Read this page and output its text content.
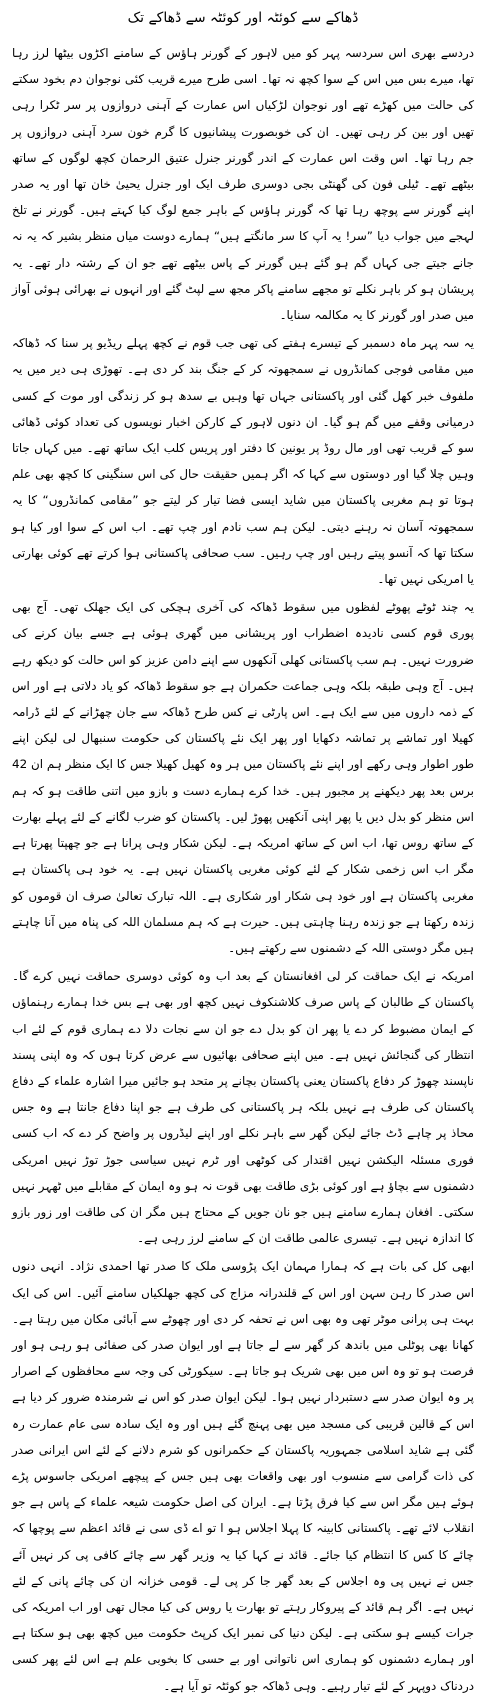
ڈھاکے سے کوئٹہ اور کوئٹہ سے ڈھاکے تک

دردسے بھری اس سردسہ پہر کو میں لاہور کے گورنر ہاؤس کے سامنے اکڑوں بیٹھا لرز رہا تھا، میرے بس میں اس کے سوا کچھ نہ تھا۔ اسی طرح میرے قریب کئی نوجوان دم بخود سکتے کی حالت میں کھڑے تھے اور نوجوان لڑکیاں اس عمارت کے آہنی دروازوں پر سر ٹکرا رہی تھیں اور بین کر رہی تھیں۔ ان کی خوبصورت پیشانیوں کا گرم خون سرد آہنی دروازوں پر جم رہا تھا۔ اس وقت اس عمارت کے اندر گورنر جنرل عتیق الرحمان کچھ لوگوں کے ساتھ بیٹھے تھے۔ ٹیلی فون کی گھنٹی بجی دوسری طرف ایک اور جنرل یحییٰ خان تھا اور یہ صدر اپنے گورنر سے پوچھ رہا تھا کہ گورنر ہاؤس کے باہر جمع لوگ کیا کہتے ہیں۔ گورنر نے تلخ لہجے میں جواب دیا ”سر! یہ آپ کا سر مانگتے ہیں“ ہمارے دوست میاں منظر بشیر کہ یہ نہ جانے جیتے جی کہاں گم ہو گئے ہیں گورنر کے پاس بیٹھے تھے جو ان کے رشتہ دار تھے۔ یہ پریشان ہو کر باہر نکلے تو مجھے سامنے پاکر مجھ سے لپٹ گئے اور انہوں نے بھرائی ہوئی آواز میں صدر اور گورنر کا یہ مکالمہ سنایا۔

یہ سہ پہر ماہ دسمبر کے تیسرے ہفتے کی تھی جب قوم نے کچھ پہلے ریڈیو پر سنا کہ ڈھاکہ میں مقامی فوجی کمانڈروں نے سمجھوتہ کر کے جنگ بند کر دی ہے۔ تھوڑی ہی دیر میں یہ ملفوف خبر کھل گئی اور پاکستانی جہاں تھا وہیں بے سدھ ہو کر زندگی اور موت کے کسی درمیانی وقفے میں گم ہو گیا۔ ان دنوں لاہور کے کارکن اخبار نویسوں کی تعداد کوئی ڈھائی سو کے قریب تھی اور مال روڈ پر یونین کا دفتر اور پریس کلب ایک ساتھ تھے۔ میں کہاں جاتا وہیں چلا گیا اور دوستوں سے کہا کہ اگر ہمیں حقیقت حال کی اس سنگینی کا کچھ بھی علم ہوتا تو ہم مغربی پاکستان میں شاید ایسی فضا تیار کر لیتے جو ”مقامی کمانڈروں“ کا یہ سمجھوتہ آسان نہ رہنے دیتی۔ لیکن ہم سب نادم اور چپ تھے۔ اب اس کے سوا اور کیا ہو سکتا تھا کہ آنسو پیتے رہیں اور چپ رہیں۔ سب صحافی پاکستانی ہوا کرتے تھے کوئی بھارتی یا امریکی نہیں تھا۔

یہ چند ٹوٹے پھوٹے لفظوں میں سقوط ڈھاکہ کی آخری ہچکی کی ایک جھلک تھی۔ آج بھی پوری قوم کسی نادیدہ اضطراب اور پریشانی میں گھری ہوئی ہے جسے بیان کرنے کی ضرورت نہیں۔ ہم سب پاکستانی کھلی آنکھوں سے اپنے دامن عزیز کو اس حالت کو دیکھ رہے ہیں۔ آج وہی طبقہ بلکہ وہی جماعت حکمران ہے جو سقوط ڈھاکہ کو یاد دلاتی ہے اور اس کے ذمہ داروں میں سے ایک ہے۔ اس پارٹی نے کس طرح ڈھاکہ سے جان چھڑانے کے لئے ڈرامہ کھیلا اور تماشے پر تماشہ دکھایا اور پھر ایک نئے پاکستان کی حکومت سنبھال لی لیکن اپنے طور اطوار وہی رکھے اور اپنے نئے پاکستان میں ہر وہ کھیل کھیلا جس کا ایک منظر ہم ان 42 برس بعد پھر دیکھنے پر مجبور ہیں۔ خدا کرے ہمارے دست و بازو میں اتنی طاقت ہو کہ ہم اس منظر کو بدل دیں یا پھر اپنی آنکھیں پھوڑ لیں۔ پاکستان کو ضرب لگانے کے لئے پہلے بھارت کے ساتھ روس تھا، اب اس کے ساتھ امریکہ ہے۔ لیکن شکار وہی پرانا ہے جو چھپتا پھرتا ہے مگر اب اس زخمی شکار کے لئے کوئی مغربی پاکستان نہیں ہے۔ یہ خود ہی پاکستان ہے مغربی پاکستان ہے اور خود ہی شکار اور شکاری ہے۔ اللہ تبارک تعالیٰ صرف ان قوموں کو زندہ رکھتا ہے جو زندہ رہنا چاہتی ہیں۔ حیرت ہے کہ ہم مسلمان اللہ کی پناہ میں آنا چاہتے ہیں مگر دوستی اللہ کے دشمنوں سے رکھتے ہیں۔

امریکہ نے ایک حماقت کر لی افغانستان کے بعد اب وہ کوئی دوسری حماقت نہیں کرے گا۔ پاکستان کے طالبان کے پاس صرف کلاشنکوف نہیں کچھ اور بھی ہے بس خدا ہمارے رہنماؤں کے ایمان مضبوط کر دے یا پھر ان کو بدل دے جو ان سے نجات دلا دے ہماری قوم کے لئے اب انتظار کی گنجائش نہیں ہے۔ میں اپنے صحافی بھائیوں سے عرض کرتا ہوں کہ وہ اپنی پسند ناپسند چھوڑ کر دفاع پاکستان یعنی پاکستان بچانے پر متحد ہو جائیں میرا اشارہ علماء کے دفاع پاکستان کی طرف ہے نہیں بلکہ ہر پاکستانی کی طرف ہے جو اپنا دفاع جانتا ہے وہ جس محاذ پر چاہے ڈٹ جائے لیکن گھر سے باہر نکلے اور اپنے لیڈروں پر واضح کر دے کہ اب کسی فوری مسئلہ الیکشن نہیں اقتدار کی کوٹھی اور ٹرم نہیں سیاسی جوڑ توڑ نہیں امریکی دشمنوں سے بچاؤ ہے اور کوئی بڑی طاقت بھی قوت نہ ہو وہ ایمان کے مقابلے میں ٹھہر نہیں سکتی۔ افغان ہمارے سامنے ہیں جو نان جویں کے محتاج ہیں مگر ان کی طاقت اور زور بازو کا اندازہ نہیں ہے۔ تیسری عالمی طاقت ان کے سامنے لرز رہی ہے۔

ابھی کل کی بات ہے کہ ہمارا مہمان ایک پڑوسی ملک کا صدر تھا احمدی نژاد۔ انہی دنوں اس صدر کا رہن سہن اور اس کے قلندرانہ مزاج کی کچھ جھلکیاں سامنے آئیں۔ اس کی ایک بہت ہی پرانی موٹر تھی وہ بھی اس نے تحفہ کر دی اور چھوٹے سے آبائی مکان میں رہتا ہے۔ کھانا بھی پوٹلی میں باندھ کر گھر سے لے جاتا ہے اور ایوان صدر کی صفائی ہو رہی ہو اور فرصت ہو تو وہ اس میں بھی شریک ہو جاتا ہے۔ سیکورٹی کی وجہ سے محافظوں کے اصرار پر وہ ایوان صدر سے دستبردار نہیں ہوا۔ لیکن ایوان صدر کو اس نے شرمندہ ضرور کر دیا ہے اس کے قالین قریبی کی مسجد میں بھی پہنچ گئے ہیں اور وہ ایک سادہ سی عام عمارت رہ گئی ہے شاید اسلامی جمہوریہ پاکستان کے حکمرانوں کو شرم دلانے کے لئے اس ایرانی صدر کی ذات گرامی سے منسوب اور بھی واقعات بھی ہیں جس کے پیچھے امریکی جاسوس پڑے ہوئے ہیں مگر اس سے کیا فرق پڑتا ہے۔ ایران کی اصل حکومت شیعہ علماء کے پاس ہے جو انقلاب لائے تھے۔ پاکستانی کابینہ کا پہلا اجلاس ہو ا تو اے ڈی سی نے قائد اعظم سے پوچھا کہ چائے کا کس کا انتظام کیا جائے۔ قائد نے کہا کیا یہ وزیر گھر سے چائے کافی پی کر نہیں آئے جس نے نہیں پی وہ اجلاس کے بعد گھر جا کر پی لے۔ قومی خزانہ ان کی چائے پانی کے لئے نہیں ہے۔ اگر ہم قائد کے پیروکار رہتے تو بھارت یا روس کی کیا مجال تھی اور اب امریکہ کی جرات کیسے ہو سکتی ہے۔ لیکن دنیا کی نمبر ایک کرپٹ حکومت میں کچھ بھی ہو سکتا ہے اور ہمارے دشمنوں کو ہماری اس ناتوانی اور بے حسی کا بخوبی علم ہے اس لئے پھر کسی دردناک دوپہر کے لئے تیار رہیے۔ وہی ڈھاکہ جو کوئٹہ تو آیا ہے۔
